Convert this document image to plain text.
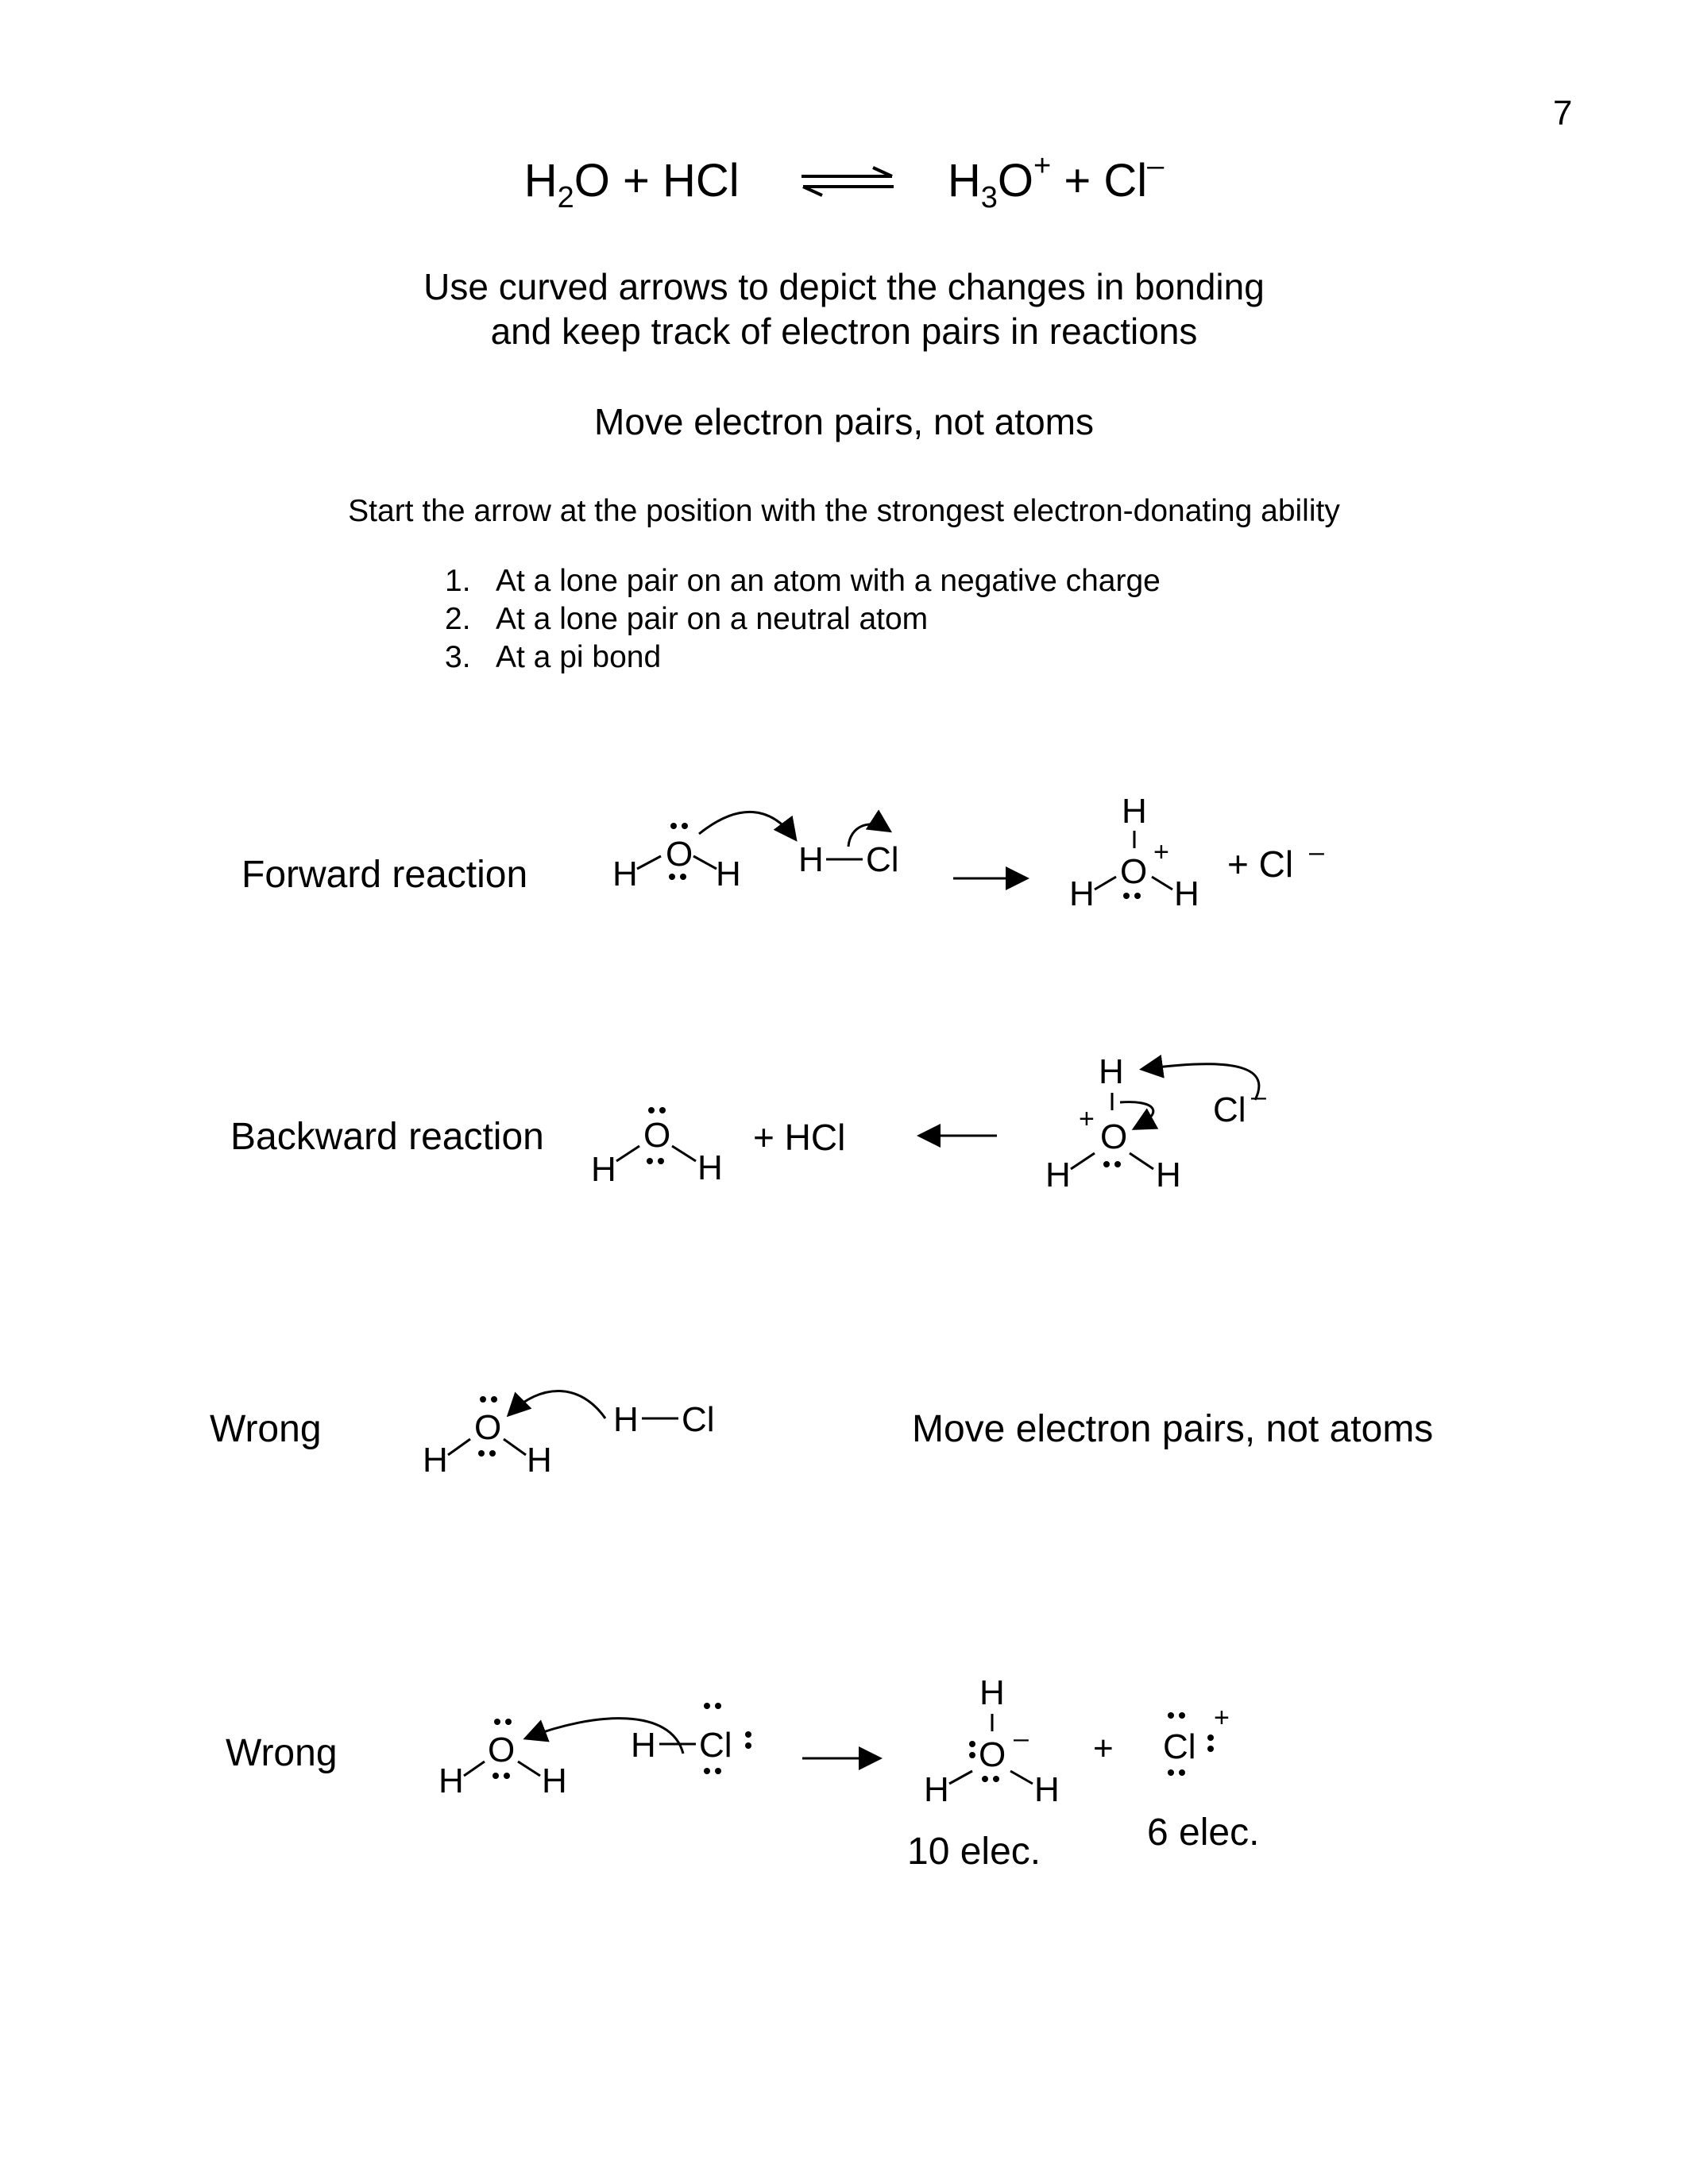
7
$H_2O$ + HCl ⇌ $H_3O^+ + Cl^-$
Use curved arrows to depict the changes in bonding
and keep track of electron pairs in reactions
Move electron pairs, not atoms
Start the arrow at the position with the strongest electron-donating ability
1. At a lone pair on an atom with a negative charge
2. At a lone pair on a neutral atom
3. At a pi bond
Forward reaction
Backward reaction
Wrong	Move electron pairs, not atoms
Wrong
10 elec.	6 elec.
H
O
H H Cl
H
O +
H H
+ Cl –
H
O
H
+ HCl
H
+ O
H H
Cl –
H
O
H
H Cl
H
O
H
H Cl
H
O –
H H
+ Cl
+
